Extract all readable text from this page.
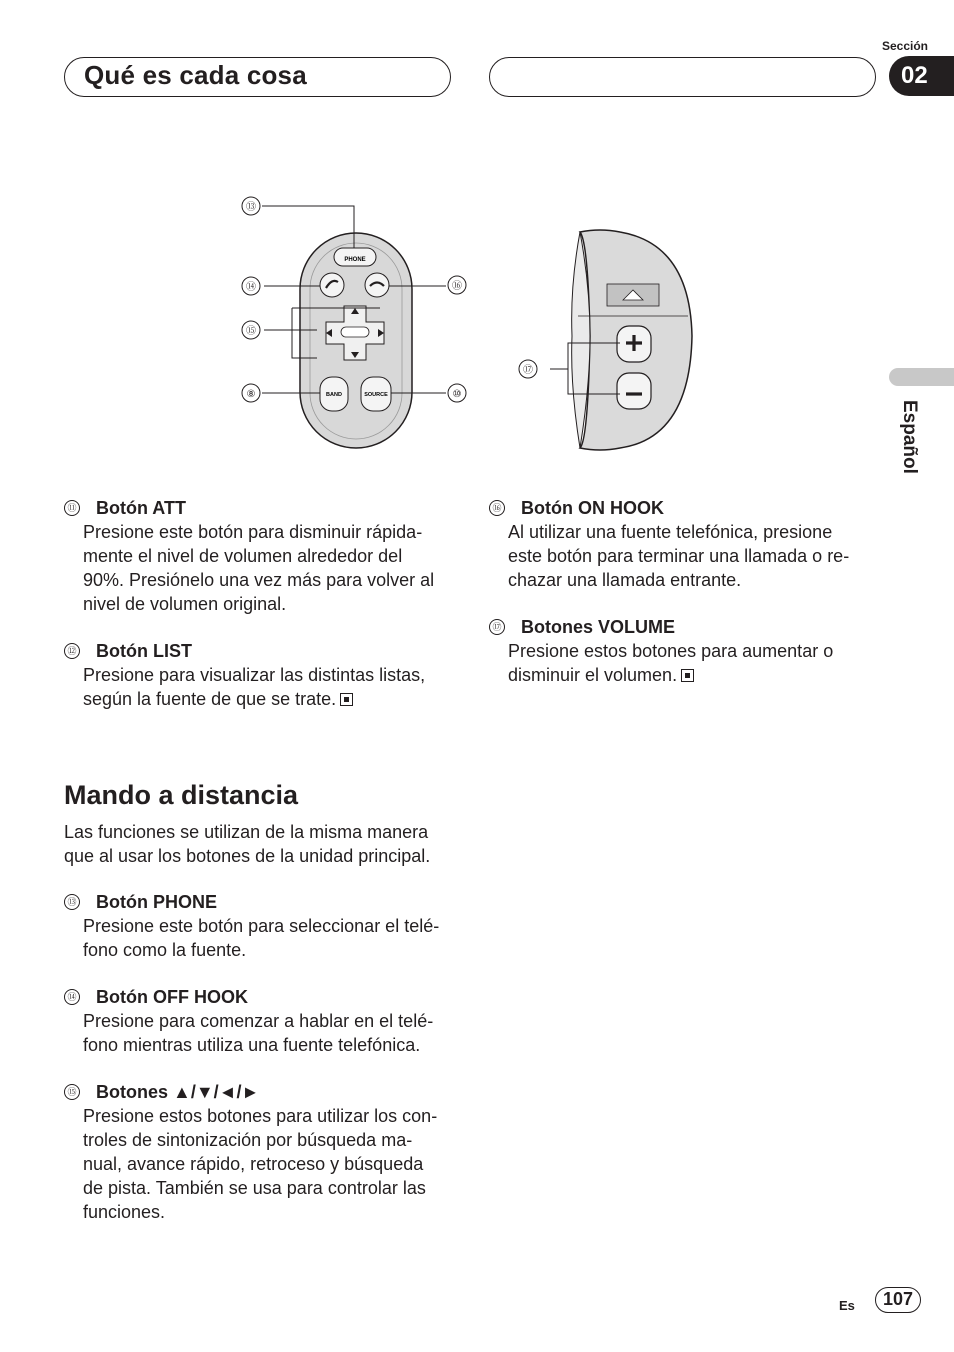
Qué es cada cosa
Sección
02
Español
PHONE
BAND	SOURCE
⑬
⑭
⑮
⑧
⑯
⑩
⑰
⑪ Botón ATT
Presione este botón para disminuir rápida-
mente el nivel de volumen alrededor del
90%. Presiónelo una vez más para volver al
nivel de volumen original.
⑫ Botón LIST
Presione para visualizar las distintas listas,
según la fuente de que se trate.
⑯ Botón ON HOOK
Al utilizar una fuente telefónica, presione
este botón para terminar una llamada o re-
chazar una llamada entrante.
⑰ Botones VOLUME
Presione estos botones para aumentar o
disminuir el volumen.
Mando a distancia
Las funciones se utilizan de la misma manera
que al usar los botones de la unidad principal.
⑬ Botón PHONE
Presione este botón para seleccionar el telé-
fono como la fuente.
⑭ Botón OFF HOOK
Presione para comenzar a hablar en el telé-
fono mientras utiliza una fuente telefónica.
⑮ Botones ▲/▼/◄/►
Presione estos botones para utilizar los con-
troles de sintonización por búsqueda ma-
nual, avance rápido, retroceso y búsqueda
de pista. También se usa para controlar las
funciones.
Es	107
